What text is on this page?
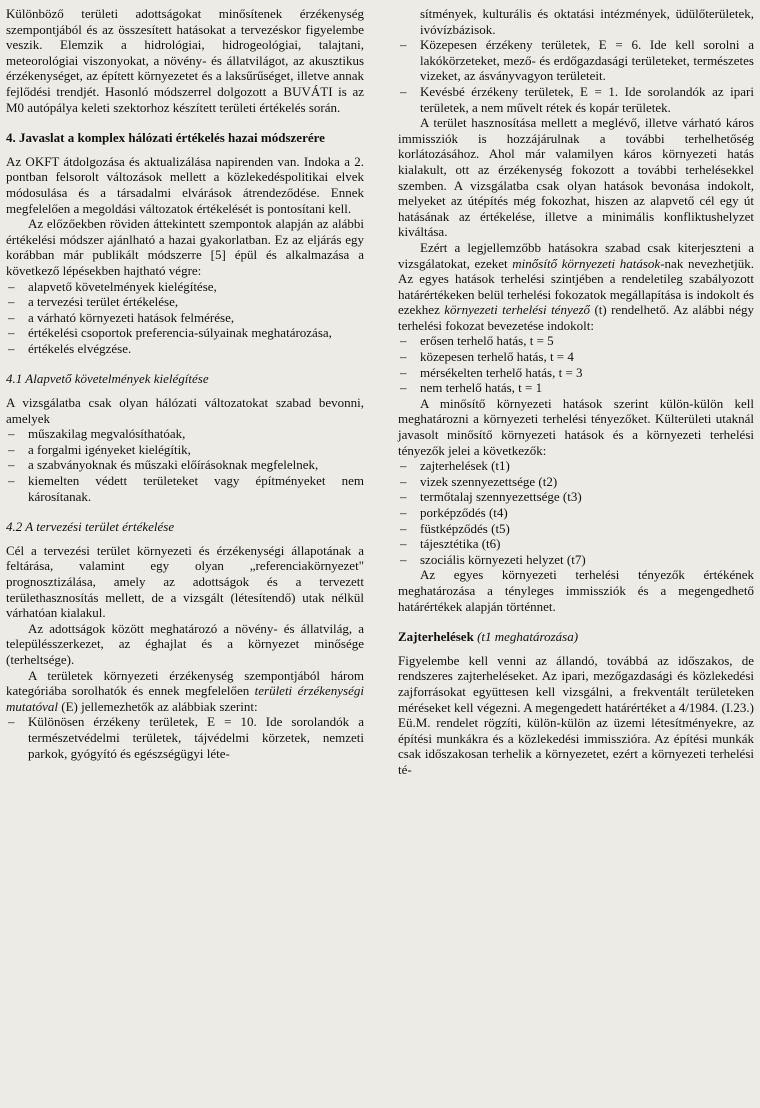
Különböző területi adottságokat minősítenek érzékenység szempontjából és az összesített hatásokat a tervezéskor figyelembe veszik. Elemzik a hidrológiai, hidrogeológiai, talajtani, meteorológiai viszonyokat, a növény- és állatvilágot, az akusztikus érzékenységet, az épített környezetet és a laksűrűséget, illetve annak fejlődési trendjét. Hasonló módszerrel dolgozott a BUVÁTI is az M0 autópálya keleti szektorhoz készített területi értékelés során.

4. Javaslat a komplex hálózati értékelés hazai módszerére

Az OKFT átdolgozása és aktualizálása napirenden van. Indoka a 2. pontban felsorolt változások mellett a közlekedéspolitikai elvek módosulása és a társadalmi elvárások átrendeződése. Ennek megfelelően a megoldási változatok értékelését is pontosítani kell.

Az előzőekben röviden áttekintett szempontok alapján az alábbi értékelési módszer ajánlható a hazai gyakorlatban. Ez az eljárás egy korábban már publikált módszerre [5] épül és alkalmazása a következő lépésekben hajtható végre:

– alapvető követelmények kielégítése,
– a tervezési terület értékelése,
– a várható környezeti hatások felmérése,
– értékelési csoportok preferencia-súlyainak meghatározása,
– értékelés elvégzése.
4.1 Alapvető követelmények kielégítése

A vizsgálatba csak olyan hálózati változatokat szabad bevonni, amelyek

– műszakilag megvalósíthatóak,
– a forgalmi igényeket kielégítik,
– a szabványoknak és műszaki előírásoknak megfelelnek,
– kiemelten védett területeket vagy építményeket nem károsítanak.
4.2 A tervezési terület értékelése

Cél a tervezési terület környezeti és érzékenységi állapotának a feltárása, valamint egy olyan „referenciakörnyezet" prognosztizálása, amely az adottságok és a tervezett területhasznosítás mellett, de a vizsgált (létesítendő) utak nélkül várhatóan kialakul.

Az adottságok között meghatározó a növény- és állatvilág, a településszerkezet, az éghajlat és a környezet minősége (terheltsége).

A területek környezeti érzékenység szempontjából három kategóriába sorolhatók és ennek megfelelően területi érzékenységi mutatóval (E) jellemezhetők az alábbiak szerint:

– Különösen érzékeny területek, E = 10. Ide sorolandók a természetvédelmi területek, tájvédelmi körzetek, nemzeti parkok, gyógyító és egészségügyi léte-
sítmények, kulturális és oktatási intézmények, üdülőterületek, ivóvízbázisok.
– Közepesen érzékeny területek, E = 6. Ide kell sorolni a lakókörzeteket, mező- és erdőgazdasági területeket, természetes vizeket, az ásványvagyon területeit.
– Kevésbé érzékeny területek, E = 1. Ide sorolandók az ipari területek, a nem művelt rétek és kopár területek.

A terület hasznosítása mellett a meglévő, illetve várható káros immissziók is hozzájárulnak a további terhelhetőség korlátozásához. Ahol már valamilyen káros környezeti hatás kialakult, ott az érzékenység fokozott a további terhelésekkel szemben. A vizsgálatba csak olyan hatások bevonása indokolt, melyeket az útépítés még fokozhat, hiszen az alapvető cél egy út hatásának az értékelése, illetve a minimális konfliktushelyzet kiváltása.

Ezért a legjellemzőbb hatásokra szabad csak kiterjeszteni a vizsgálatokat, ezeket minősítő környezeti hatások-nak nevezhetjük. Az egyes hatások terhelési szintjében a rendeletileg szabályozott határértékeken belül terhelési fokozatok megállapítása is indokolt és ezekhez környezeti terhelési tényező (t) rendelhető. Az alábbi négy terhelési fokozat bevezetése indokolt:

– erősen terhelő hatás, t = 5
– közepesen terhelő hatás, t = 4
– mérsékelten terhelő hatás, t = 3
– nem terhelő hatás, t = 1

A minősítő környezeti hatások szerint külön-külön kell meghatározni a környezeti terhelési tényezőket. Külterületi utaknál javasolt minősítő környezeti hatások és a környezeti terhelési tényezők jelei a következők:

– zajterhelések (t1)
– vizek szennyezettsége (t2)
– termőtalaj szennyezettsége (t3)
– porképződés (t4)
– füstképződés (t5)
– tájesztétika (t6)
– szociális környezeti helyzet (t7)

Az egyes környezeti terhelési tényezők értékének meghatározása a tényleges immissziók és a megengedhető határértékek alapján történnet.

Zajterhelések (t1 meghatározása)

Figyelembe kell venni az állandó, továbbá az időszakos, de rendszeres zajterheléseket. Az ipari, mezőgazdasági és közlekedési zajforrásokat együttesen kell vizsgálni, a frekventált területeken méréseket kell végezni. A megengedett határértéket a 4/1984. (I.23.) Eü.M. rendelet rögzíti, külön-külön az üzemi létesítményekre, az építési munkákra és a közlekedési immisszióra. Az építési munkák csak időszakosan terhelik a környezetet, ezért a környezeti terhelési té-
